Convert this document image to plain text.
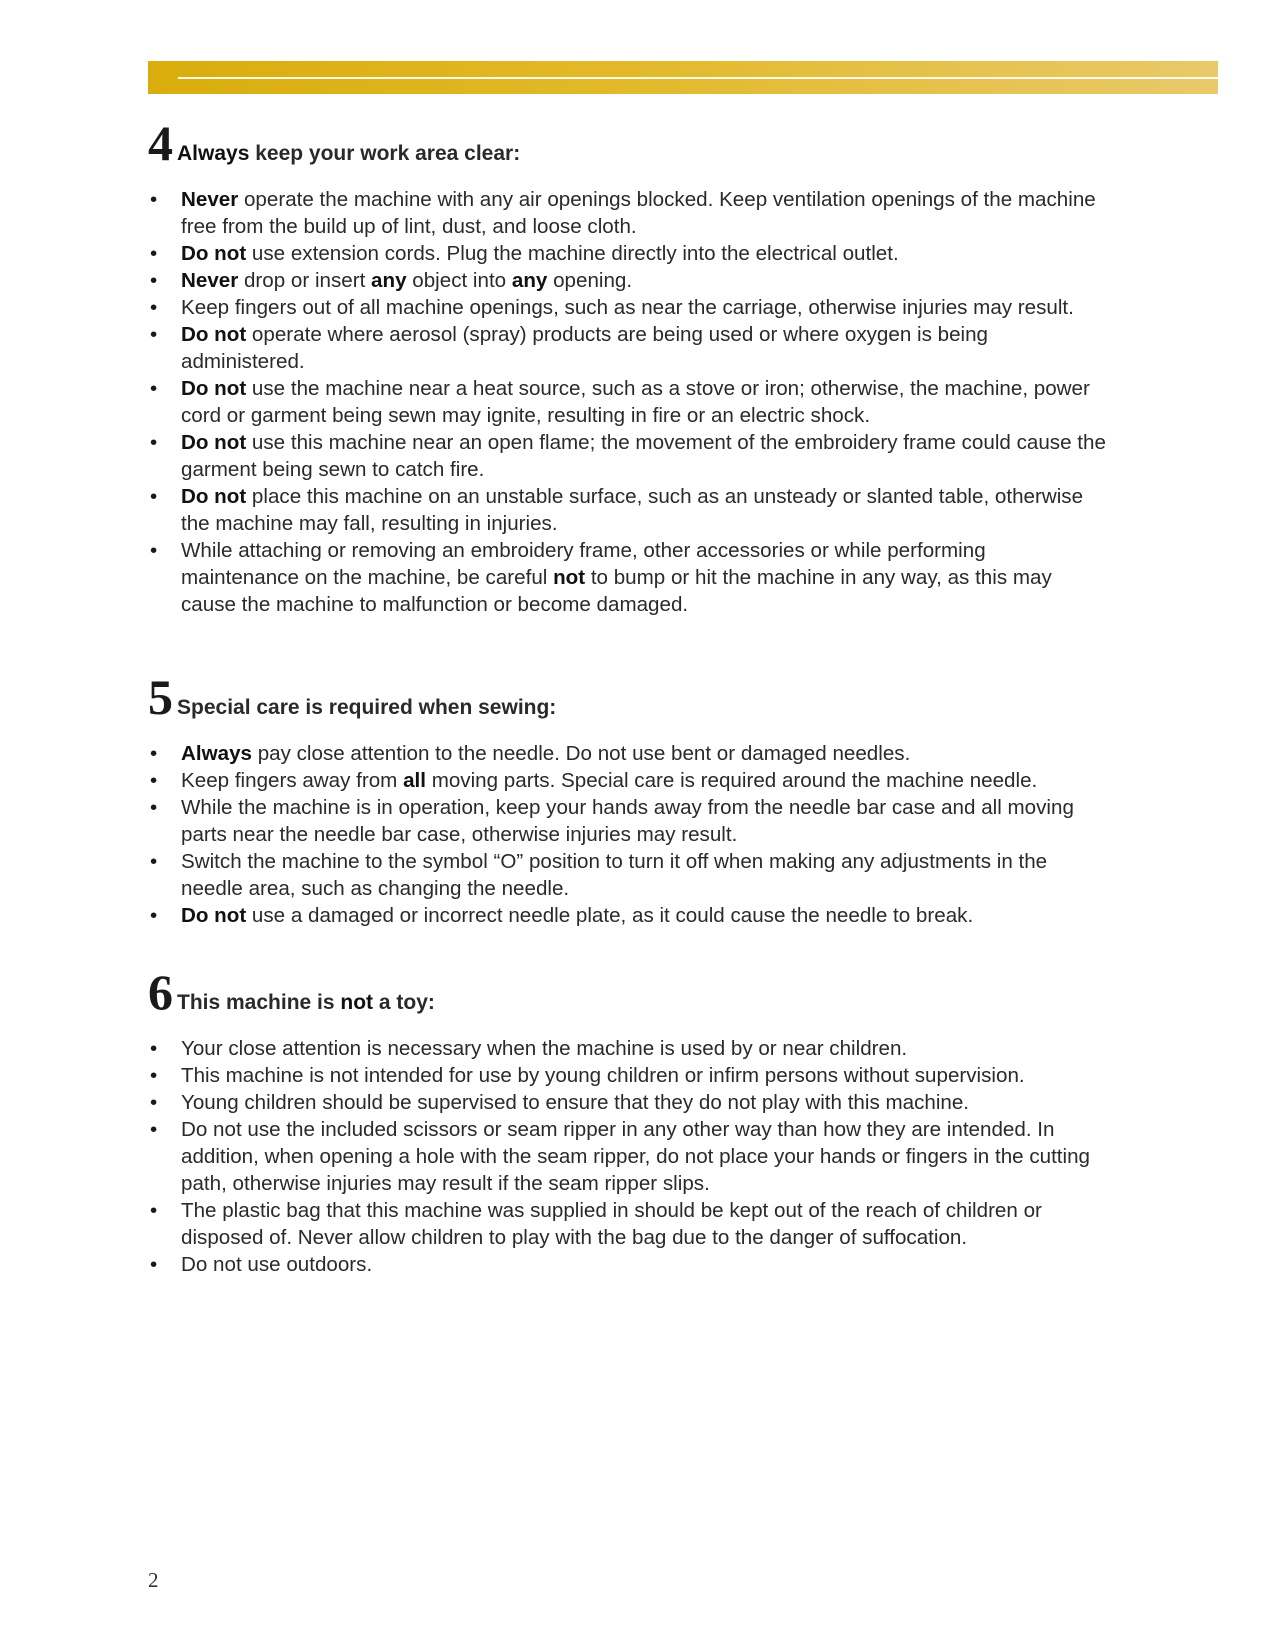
4 Always keep your work area clear:
• Never operate the machine with any air openings blocked. Keep ventilation openings of the machine free from the build up of lint, dust, and loose cloth.
• Do not use extension cords. Plug the machine directly into the electrical outlet.
• Never drop or insert any object into any opening.
• Keep fingers out of all machine openings, such as near the carriage, otherwise injuries may result.
• Do not operate where aerosol (spray) products are being used or where oxygen is being administered.
• Do not use the machine near a heat source, such as a stove or iron; otherwise, the machine, power cord or garment being sewn may ignite, resulting in fire or an electric shock.
• Do not use this machine near an open flame; the movement of the embroidery frame could cause the garment being sewn to catch fire.
• Do not place this machine on an unstable surface, such as an unsteady or slanted table, otherwise the machine may fall, resulting in injuries.
• While attaching or removing an embroidery frame, other accessories or while performing maintenance on the machine, be careful not to bump or hit the machine in any way, as this may cause the machine to malfunction or become damaged.
5 Special care is required when sewing:
• Always pay close attention to the needle. Do not use bent or damaged needles.
• Keep fingers away from all moving parts. Special care is required around the machine needle.
• While the machine is in operation, keep your hands away from the needle bar case and all moving parts near the needle bar case, otherwise injuries may result.
• Switch the machine to the symbol “O” position to turn it off when making any adjustments in the needle area, such as changing the needle.
• Do not use a damaged or incorrect needle plate, as it could cause the needle to break.
6 This machine is not a toy:
• Your close attention is necessary when the machine is used by or near children.
• This machine is not intended for use by young children or infirm persons without supervision.
• Young children should be supervised to ensure that they do not play with this machine.
• Do not use the included scissors or seam ripper in any other way than how they are intended. In addition, when opening a hole with the seam ripper, do not place your hands or fingers in the cutting path, otherwise injuries may result if the seam ripper slips.
• The plastic bag that this machine was supplied in should be kept out of the reach of children or disposed of. Never allow children to play with the bag due to the danger of suffocation.
• Do not use outdoors.
2
